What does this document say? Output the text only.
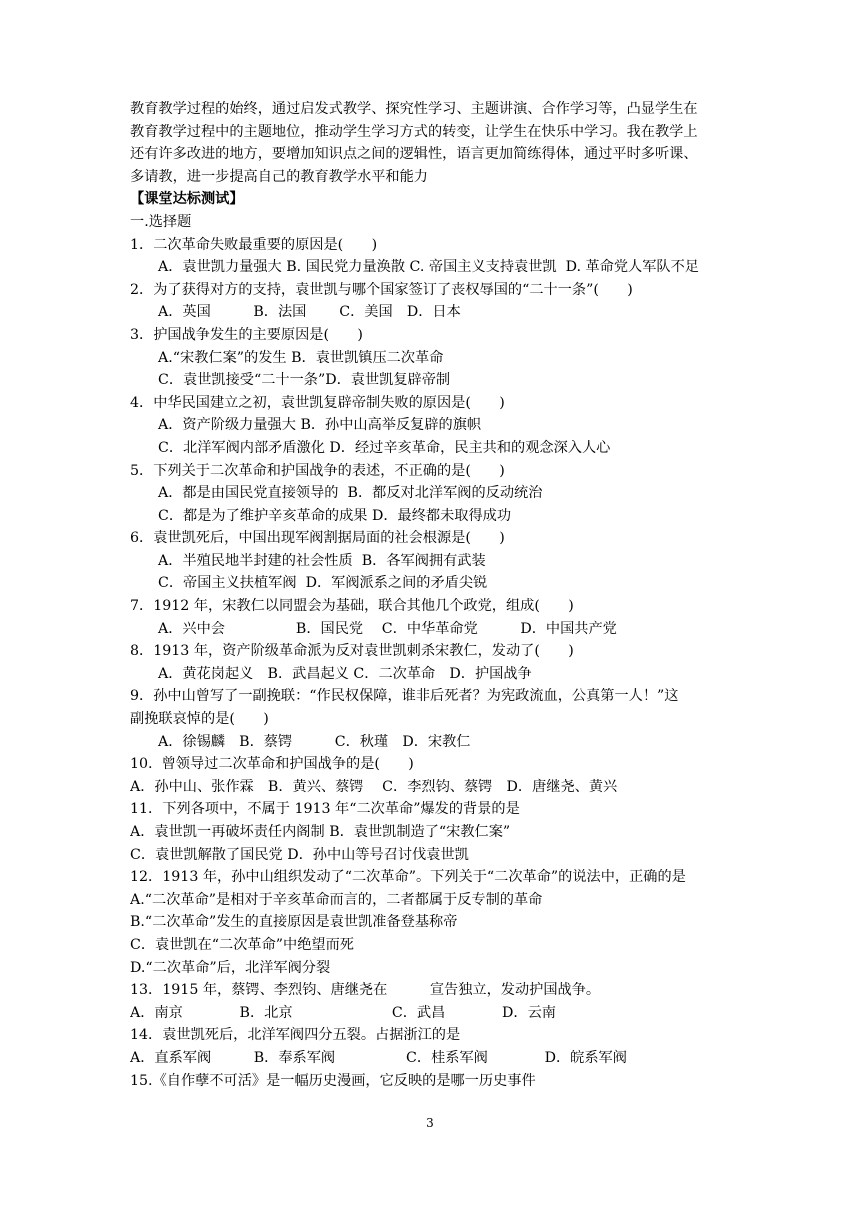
教育教学过程的始终，通过启发式教学、探究性学习、主题讲演、合作学习等，凸显学生在
教育教学过程中的主题地位，推动学生学习方式的转变，让学生在快乐中学习。我在教学上
还有许多改进的地方，要增加知识点之间的逻辑性，语言更加简练得体，通过平时多听课、
多请教，进一步提高自己的教育教学水平和能力
【课堂达标测试】
一.选择题
1．二次革命失败最重要的原因是(　　)
A．袁世凯力量强大 B. 国民党力量涣散 C. 帝国主义支持袁世凯  D. 革命党人军队不足
2．为了获得对方的支持，袁世凯与哪个国家签订了丧权辱国的“二十一条”(　　)
A．英国　　　B．法国　　 C．美国　D．日本
3．护国战争发生的主要原因是(　　)
A.“宋教仁案”的发生 B．袁世凯镇压二次革命
C．袁世凯接受“二十一条”D．袁世凯复辟帝制
4．中华民国建立之初，袁世凯复辟帝制失败的原因是(　　)
A．资产阶级力量强大 B．孙中山高举反复辟的旗帜
C．北洋军阀内部矛盾激化 D．经过辛亥革命，民主共和的观念深入人心
5．下列关于二次革命和护国战争的表述，不正确的是(　　)
A．都是由国民党直接领导的  B．都反对北洋军阀的反动统治
C．都是为了维护辛亥革命的成果 D．最终都未取得成功
6．袁世凯死后，中国出现军阀割据局面的社会根源是(　　)
A．半殖民地半封建的社会性质  B．各军阀拥有武装
C．帝国主义扶植军阀  D．军阀派系之间的矛盾尖锐
7．1912 年，宋教仁以同盟会为基础，联合其他几个政党，组成(　　)
A．兴中会　　　　　B．国民党　 C．中华革命党　　　D．中国共产党
8．1913 年，资产阶级革命派为反对袁世凯刺杀宋教仁，发动了(　　)
A．黄花岗起义　B．武昌起义 C．二次革命　D．护国战争
9．孙中山曾写了一副挽联：“作民权保障，谁非后死者？为宪政流血，公真第一人！”这
副挽联哀悼的是(　　)
A．徐锡麟　B．蔡锷　　　C．秋瑾　D．宋教仁
10.  曾领导过二次革命和护国战争的是(　　)
A．孙中山、张作霖　B．黄兴、蔡锷　 C．李烈钧、蔡锷　D．唐继尧、黄兴
11．下列各项中，不属于 1913 年“二次革命”爆发的背景的是
A．袁世凯一再破坏责任内阁制 B．袁世凯制造了“宋教仁案”
C．袁世凯解散了国民党 D．孙中山等号召讨伐袁世凯
12．1913 年，孙中山组织发动了“二次革命”。下列关于“二次革命”的说法中，正确的是
A.“二次革命”是相对于辛亥革命而言的，二者都属于反专制的革命
B.“二次革命”发生的直接原因是袁世凯准备登基称帝
C．袁世凯在“二次革命”中绝望而死
D.“二次革命”后，北洋军阀分裂
13．1915 年，蔡锷、李烈钧、唐继尧在　　　宣告独立，发动护国战争。
A．南京　　　　B．北京　　　　　　　C．武昌　　　　D．云南
14．袁世凯死后，北洋军阀四分五裂。占据浙江的是
A．直系军阀　　　B．奉系军阀　　　　　C．桂系军阀　　　　D．皖系军阀
15.《自作孽不可活》是一幅历史漫画，它反映的是哪一历史事件
3
